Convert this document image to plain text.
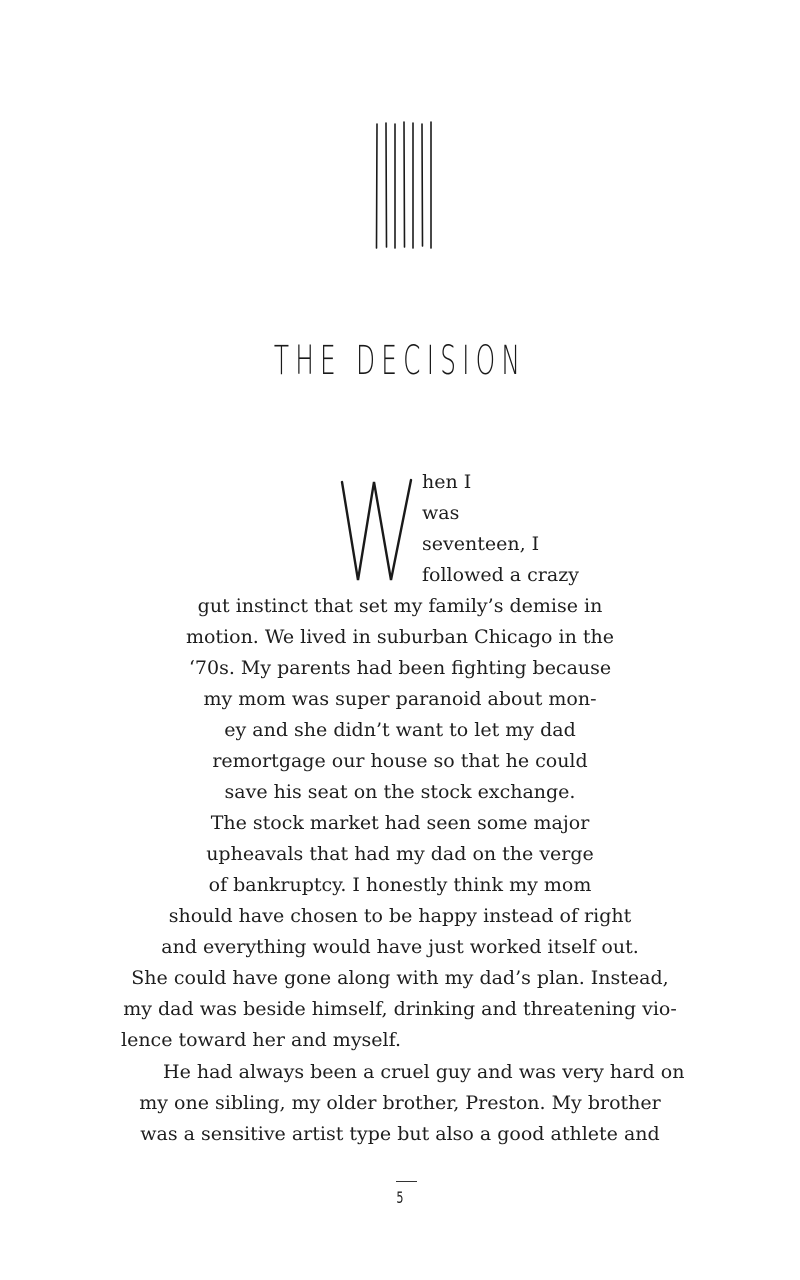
THE DECISION
hen I
was
seventeen, I
followed a crazy
gut instinct that set my family’s demise in
motion. We lived in suburban Chicago in the
‘70s. My parents had been fighting because
my mom was super paranoid about mon-
ey and she didn’t want to let my dad
remortgage our house so that he could
save his seat on the stock exchange.
The stock market had seen some major
upheavals that had my dad on the verge
of bankruptcy. I honestly think my mom
should have chosen to be happy instead of right
and everything would have just worked itself out.
She could have gone along with my dad’s plan. Instead,
my dad was beside himself, drinking and threatening vio-
lence toward her and myself.
He had always been a cruel guy and was very hard on
my one sibling, my older brother, Preston. My brother
was a sensitive artist type but also a good athlete and
5
